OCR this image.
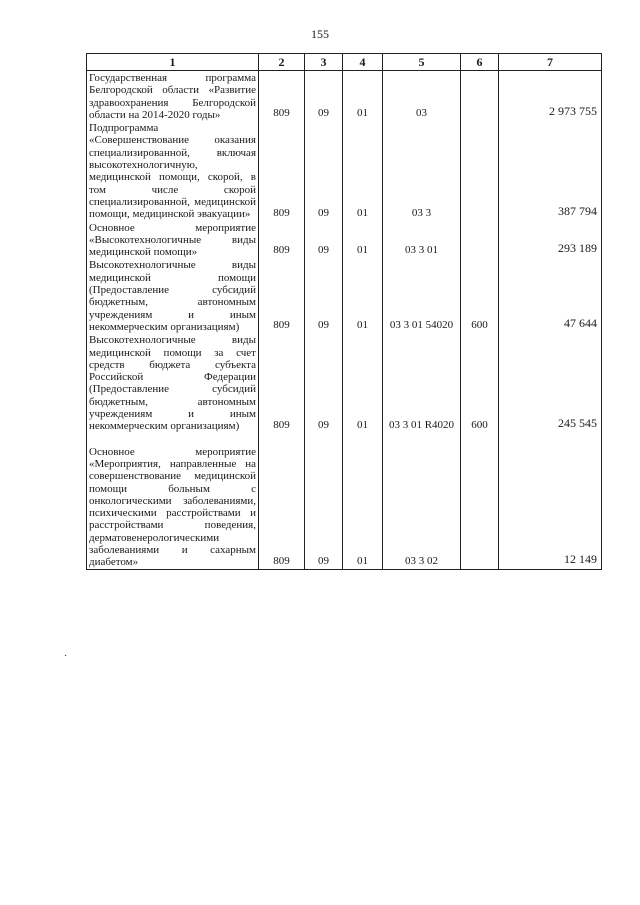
155
1	2	3	4	5	6	7
Государственная программа Белгородской области «Развитие здравоохранения Белгородской области на 2014-2020 годы»	809	09	01	03		2 973 755
Подпрограмма «Совершенствование оказания специализированной, включая высокотехнологичную, медицинской помощи, скорой, в том числе скорой специализированной, медицинской помощи, медицинской эвакуации»	809	09	01	03 3		387 794
Основное мероприятие «Высокотехнологичные виды медицинской помощи»	809	09	01	03 3 01		293 189
Высокотехнологичные виды медицинской помощи (Предоставление субсидий бюджетным, автономным учреждениям и иным некоммерческим организациям)	809	09	01	03 3 01 54020	600	47 644
Высокотехнологичные виды медицинской помощи за счет средств бюджета субъекта Российской Федерации (Предоставление субсидий бюджетным, автономным учреждениям и иным некоммерческим организациям)	809	09	01	03 3 01 R4020	600	245 545

Основное мероприятие «Мероприятия, направленные на совершенствование медицинской помощи больным с онкологическими заболеваниями, психическими расстройствами и расстройствами поведения, дерматовенерологическими заболеваниями и сахарным диабетом»	809	09	01	03 3 02		12 149
·
